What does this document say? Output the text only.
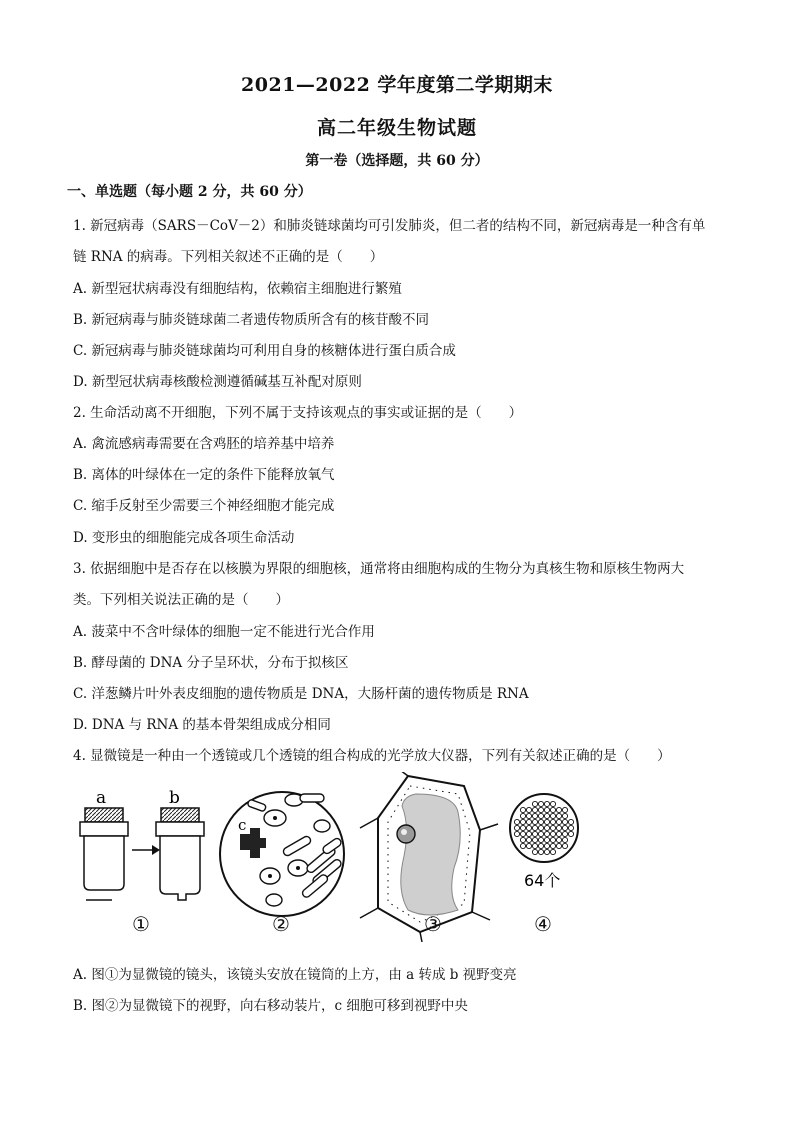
2021—2022 学年度第二学期期末
高二年级生物试题
第一卷（选择题，共 60 分）
一、单选题（每小题 2 分，共 60 分）
1. 新冠病毒（SARS－CoV－2）和肺炎链球菌均可引发肺炎，但二者的结构不同，新冠病毒是一种含有单
链 RNA 的病毒。下列相关叙述不正确的是（　　）
A. 新型冠状病毒没有细胞结构，依赖宿主细胞进行繁殖
B. 新冠病毒与肺炎链球菌二者遗传物质所含有的核苷酸不同
C. 新冠病毒与肺炎链球菌均可利用自身的核糖体进行蛋白质合成
D. 新型冠状病毒核酸检测遵循碱基互补配对原则
2. 生命活动离不开细胞，下列不属于支持该观点的事实或证据的是（　　）
A. 禽流感病毒需要在含鸡胚的培养基中培养
B. 离体的叶绿体在一定的条件下能释放氧气
C. 缩手反射至少需要三个神经细胞才能完成
D. 变形虫的细胞能完成各项生命活动
3. 依据细胞中是否存在以核膜为界限的细胞核，通常将由细胞构成的生物分为真核生物和原核生物两大
类。下列相关说法正确的是（　　）
A. 菠菜中不含叶绿体的细胞一定不能进行光合作用
B. 酵母菌的 DNA 分子呈环状，分布于拟核区
C. 洋葱鳞片叶外表皮细胞的遗传物质是 DNA，大肠杆菌的遗传物质是 RNA
D. DNA 与 RNA 的基本骨架组成成分相同
4. 显微镜是一种由一个透镜或几个透镜的组合构成的光学放大仪器，下列有关叙述正确的是（　　）
a	b
c
64个
①	②	③	④
A. 图①为显微镜的镜头，该镜头安放在镜筒的上方，由 a 转成 b 视野变亮
B. 图②为显微镜下的视野，向右移动装片，c 细胞可移到视野中央
